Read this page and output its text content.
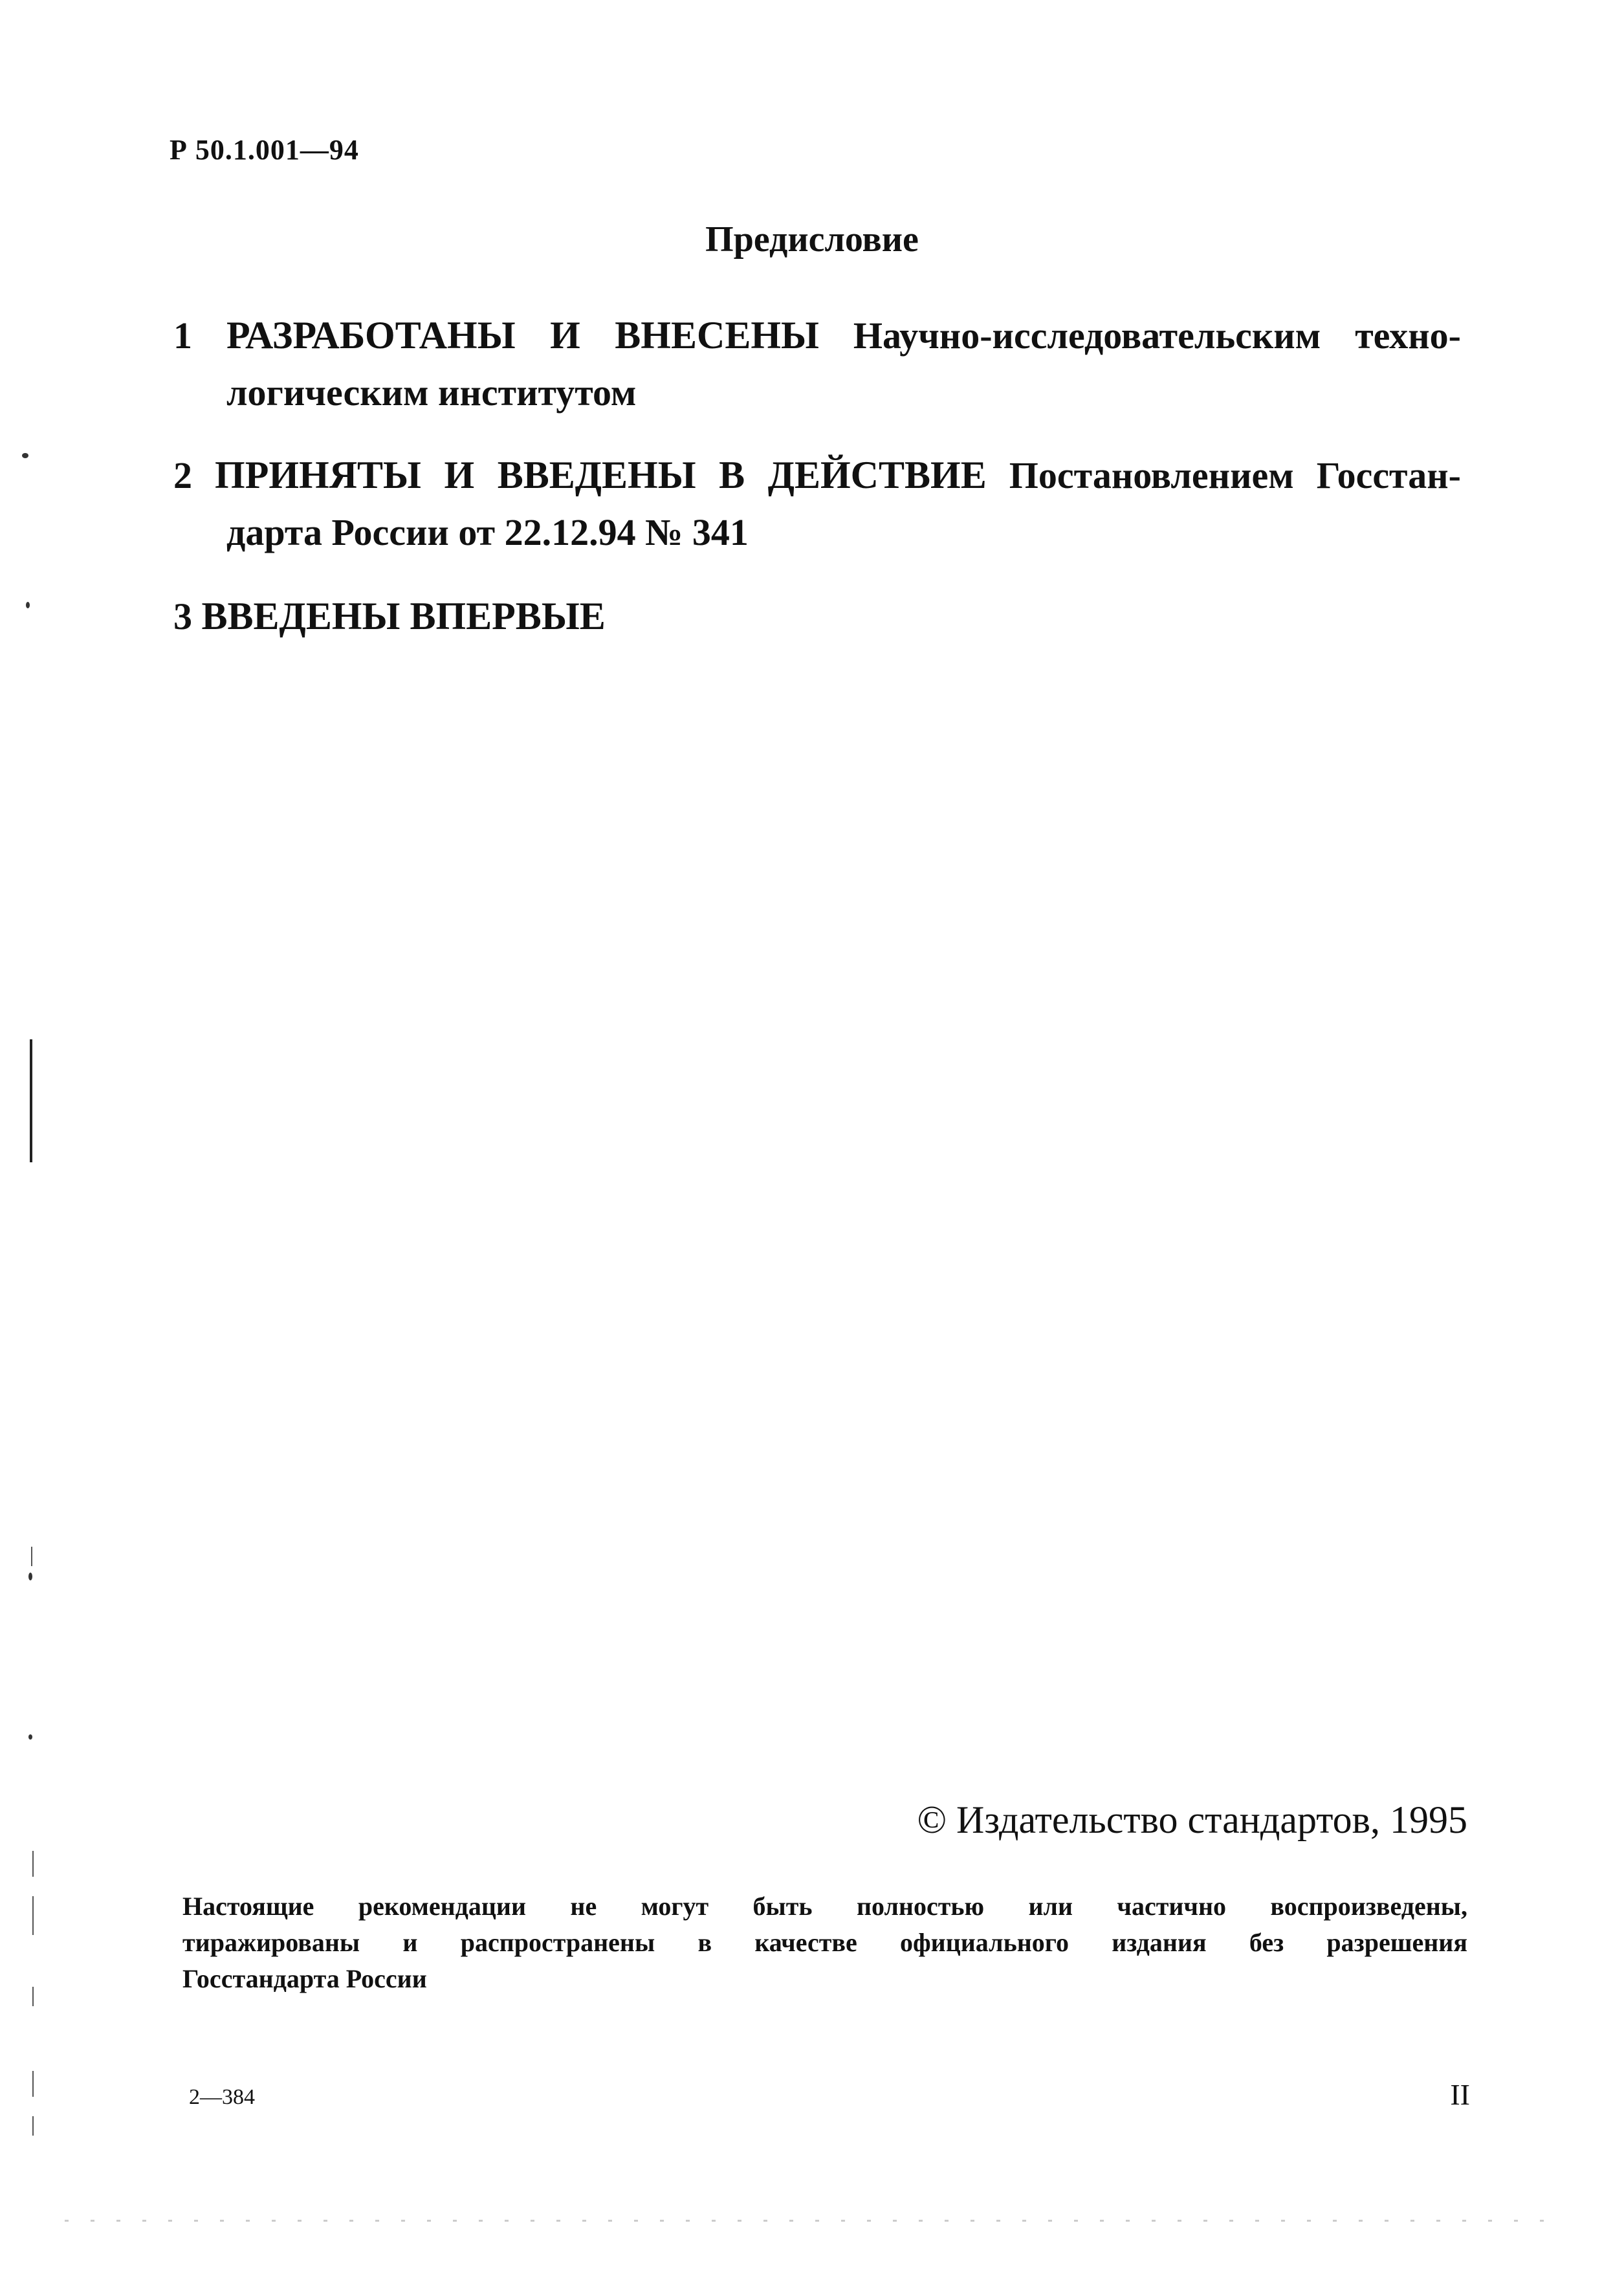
Р 50.1.001—94
Предисловие
1 РАЗРАБОТАНЫ И ВНЕСЕНЫ Научно-исследовательским техно-
логическим институтом
2 ПРИНЯТЫ И ВВЕДЕНЫ В ДЕЙСТВИЕ Постановлением Госстан-
дарта России от 22.12.94 № 341
3 ВВЕДЕНЫ ВПЕРВЫЕ
© Издательство стандартов, 1995
Настоящие рекомендации не могут быть полностью или частично воспроизведены,
тиражированы и распространены в качестве официального издания без разрешения
Госстандарта России
2—384	II
